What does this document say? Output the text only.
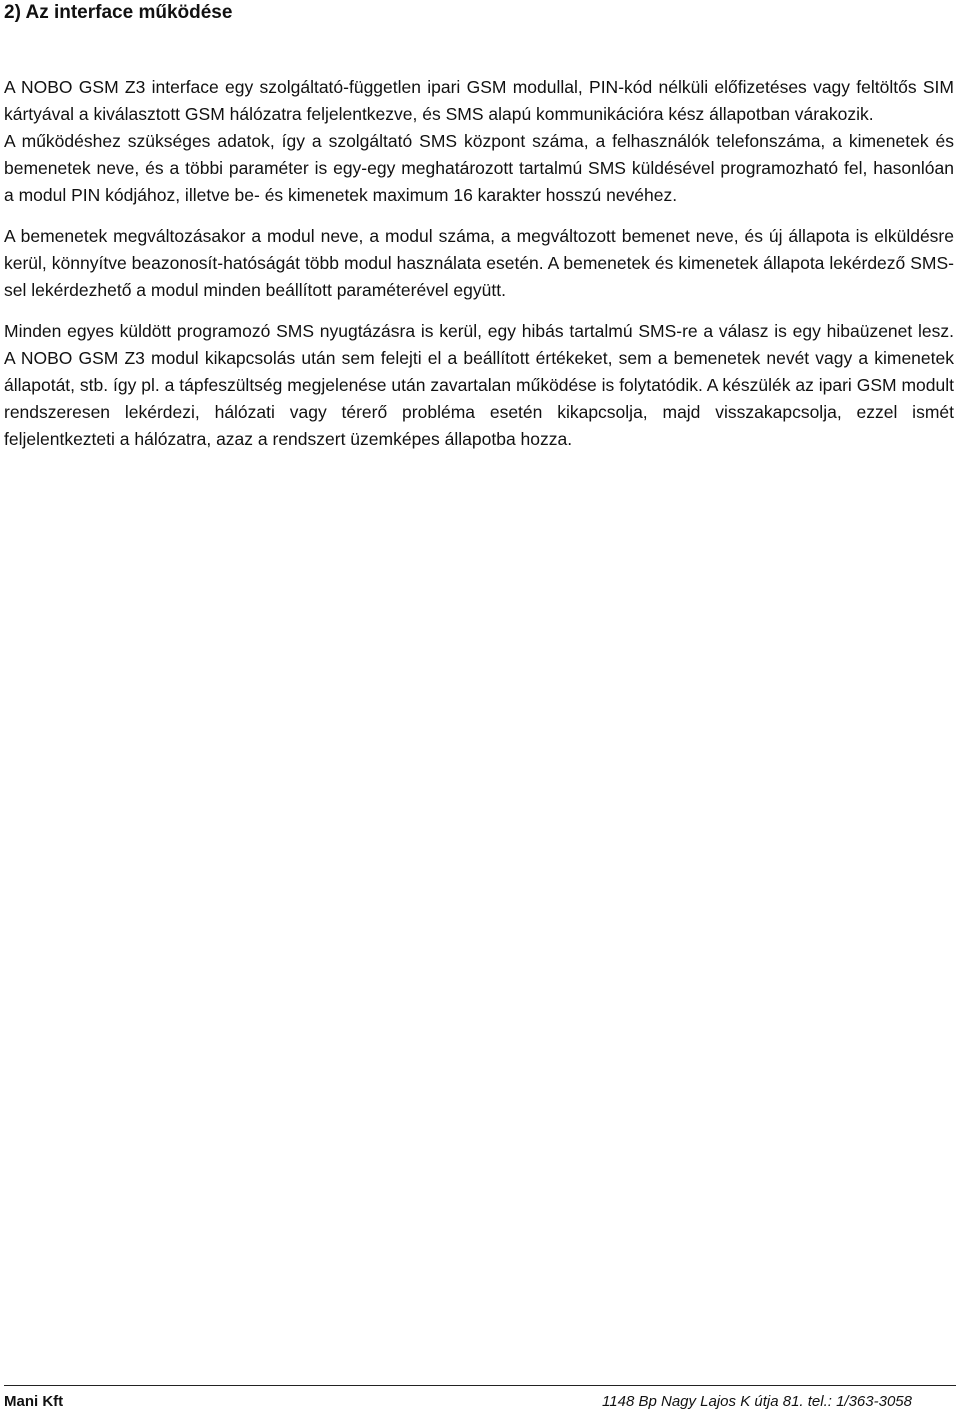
2) Az interface működése

A NOBO GSM Z3 interface egy szolgáltató-független ipari GSM modullal, PIN-kód nélküli előfizetéses vagy feltöltős SIM kártyával a kiválasztott GSM hálózatra feljelentkezve, és SMS alapú kommunikációra kész állapotban várakozik.

A működéshez szükséges adatok, így a szolgáltató SMS központ száma, a felhasználók telefonszáma, a kimenetek és bemenetek neve, és a többi paraméter is egy-egy meghatározott tartalmú SMS küldésével programozható fel, hasonlóan a modul PIN kódjához, illetve be- és kimenetek maximum 16 karakter hosszú nevéhez.

A bemenetek megváltozásakor a modul neve, a modul száma, a megváltozott bemenet neve, és új állapota is elküldésre kerül, könnyítve beazonosít-hatóságát több modul használata esetén. A bemenetek és kimenetek állapota lekérdező SMS-sel lekérdezhető a modul minden beállított paraméterével együtt.

Minden egyes küldött programozó SMS nyugtázásra is kerül, egy hibás tartalmú SMS-re a válasz is egy hibaüzenet lesz. A NOBO GSM Z3 modul kikapcsolás után sem felejti el a beállított értékeket, sem a bemenetek nevét vagy a kimenetek állapotát, stb. így pl. a tápfeszültség megjelenése után zavartalan működése is folytatódik. A készülék az ipari GSM modult rendszeresen lekérdezi, hálózati vagy térerő probléma esetén kikapcsolja, majd visszakapcsolja, ezzel ismét feljelentkezteti a hálózatra, azaz a rendszert üzemképes állapotba hozza.

Mani Kft	1148 Bp Nagy Lajos K útja 81. tel.: 1/363-3058
